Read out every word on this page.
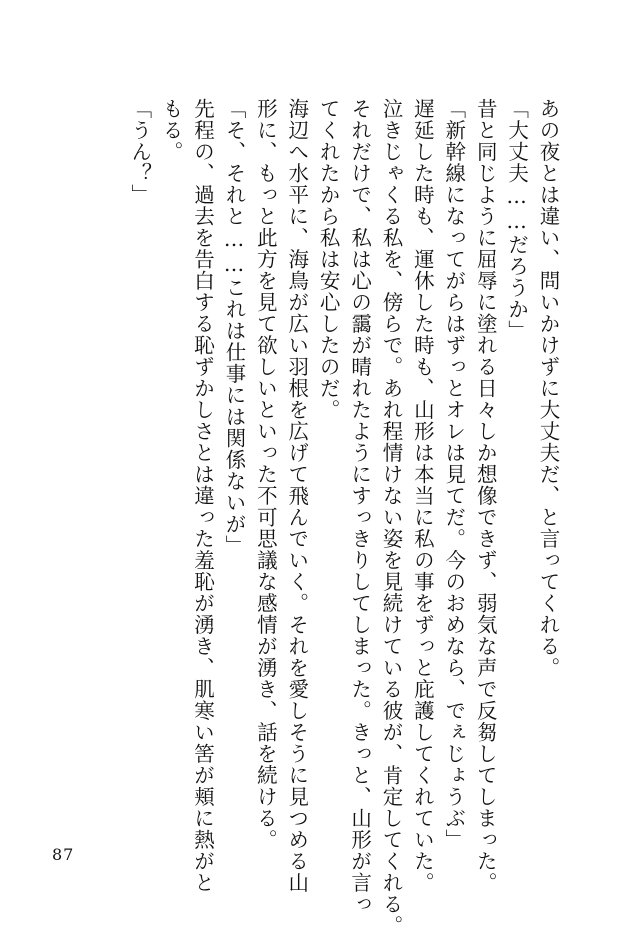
あの夜とは違い、問いかけずに大丈夫だ、と言ってくれる。
「大丈夫……だろうか」
昔と同じように屈辱に塗れる日々しか想像できず、弱気な声で反芻してしまった。
「新幹線になってがらはずっとオレは見てだ。今のおめなら、でぇじょうぶ」
遅延した時も、運休した時も、山形は本当に私の事をずっと庇護してくれていた。
泣きじゃくる私を、傍らで。あれ程情けない姿を見続けている彼が、肯定してくれる。
それだけで、私は心の靄が晴れたようにすっきりしてしまった。きっと、山形が言っ
てくれたから私は安心したのだ。
海辺へ水平に、海鳥が広い羽根を広げて飛んでいく。それを愛しそうに見つめる山
形に、もっと此方を見て欲しいといった不可思議な感情が湧き、話を続ける。
「そ、それと……これは仕事には関係ないが」
先程の、過去を告白する恥ずかしさとは違った羞恥が湧き、肌寒い筈が頬に熱がと
もる。
「うん？」
87
